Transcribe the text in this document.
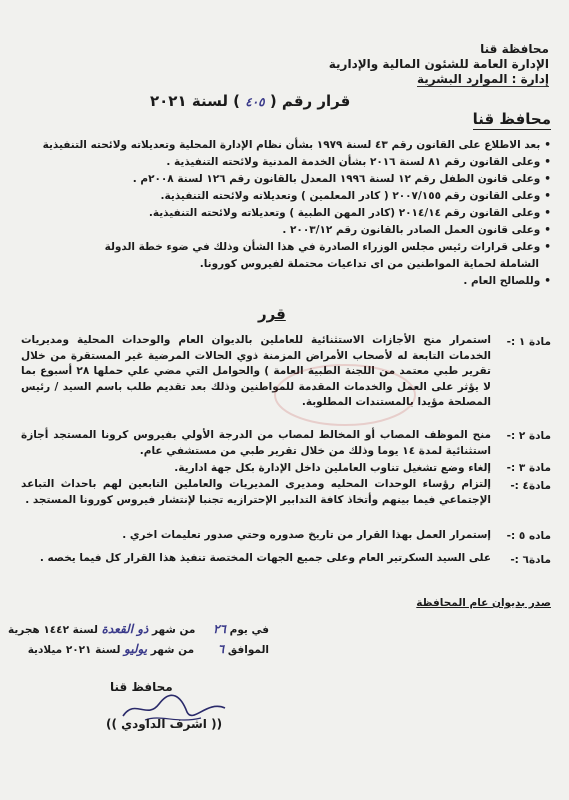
محافظة قنا
الإدارة العامة للشئون المالية والإدارية
إدارة : الموارد البشرية
قرار رقم ( ٤٠٥ ) لسنة ٢٠٢١
محافظ قنا
•بعد الاطلاع على القانون رقم ٤٣ لسنة ١٩٧٩ بشأن نظام الإدارة المحلية وتعديلاته ولائحته التنفيذية
•وعلى القانون رقم ٨١ لسنة ٢٠١٦ بشأن الخدمة المدنية ولائحته التنفيذية .
•وعلى قانون الطفل رقم ١٢ لسنة ١٩٩٦ المعدل بالقانون رقم ١٢٦ لسنة ٢٠٠٨م .
•وعلى القانون رقم ٢٠٠٧/١٥٥ ( كادر المعلمين ) وتعديلاته ولائحته التنفيذية.
•وعلى القانون رقم ٢٠١٤/١٤ (كادر المهن الطبية ) وتعديلاته ولائحته التنفيذية.
•وعلى قانون العمل الصادر بالقانون رقم ٢٠٠٣/١٢ .
•وعلى قرارات رئيس مجلس الوزراء الصادرة في هذا الشأن وذلك في ضوء خطة الدولة
الشاملة لحماية المواطنين من اى تداعيات محتملة لفيروس كورونا.
•وللصالح العام .
قرر
مادة ١ :-
استمرار منح الأجازات الاستثنائية للعاملين بالديوان العام والوحدات المحلية ومديريات الخدمات التابعة له لأصحاب الأمراض المزمنة ذوي الحالات المرضية غير المستقرة من خلال تقرير طبي معتمد من اللجنة الطبية العامة ) والحوامل التي مضي علي حملها ٢٨ أسبوع بما لا يؤثر على العمل والخدمات المقدمة للمواطنين وذلك بعد تقديم طلب باسم السيد / رئيس المصلحة مؤيدا بالمستندات المطلوبة.
مادة ٢ :-
منح الموظف المصاب أو المخالط لمصاب من الدرجة الأولي بفيروس كرونا المستجد أجازة استثنائية لمدة ١٤ يوما وذلك من خلال تقرير طبي من مستشفي عام.
مادة ٣ :-
إلغاء وضع تشغيل تناوب العاملين داخل الإدارة بكل جهة ادارية.
مادة٤ :-
إلتزام رؤساء الوحدات المحليه ومديرى المديريات والعاملين التابعين لهم باحداث التباعد الإجتماعي فيما بينهم وأتخاذ كافة التدابير الإحترازيه تجنبا لإنتشار فيروس كورونا المستجد .
ماده ٥ :-
إستمرار العمل بهذا القرار من تاريخ صدوره وحتي صدور تعليمات اخري .
مادة٦ :-
على السيد السكرتير العام وعلى جميع الجهات المختصة تنفيذ هذا القرار كل فيما يخصه .
صدر بديوان عام المحافظة
في يوم ٢٦ من شهر ذو القعدة لسنة ١٤٤٢ هجرية
الموافق ٦ من شهر يوليو لسنة ٢٠٢١ ميلادية
محافظ قنا
(( اشرف الداودي ))
